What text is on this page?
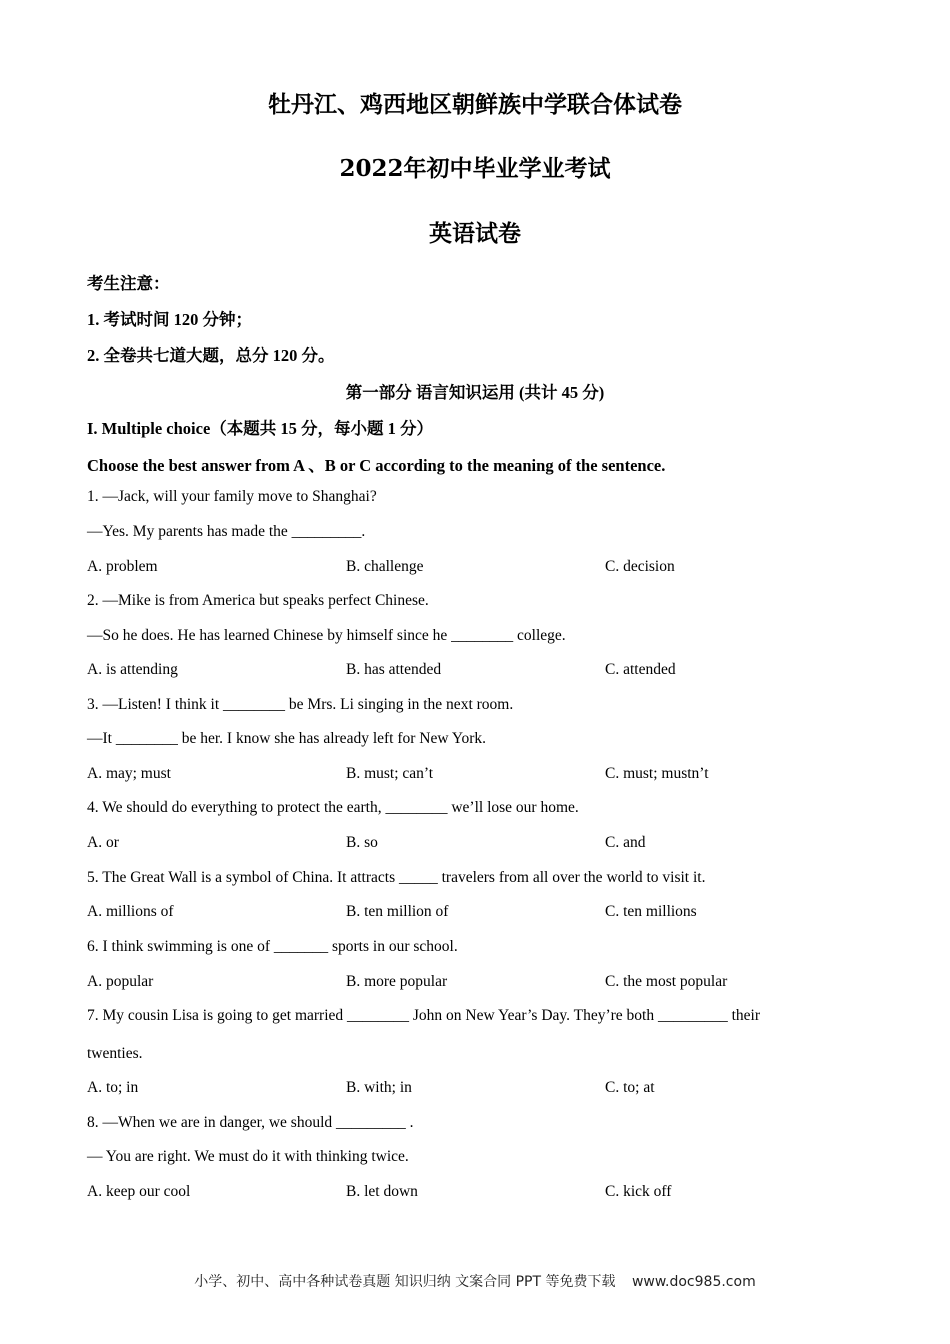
牡丹江、鸡西地区朝鲜族中学联合体试卷
2022年初中毕业学业考试
英语试卷
考生注意：
1. 考试时间 120 分钟；
2. 全卷共七道大题，总分 120 分。
第一部分 语言知识运用 (共计 45 分)
I. Multiple choice（本题共 15 分，每小题 1 分）
Choose the best answer from A 、B or C according to the meaning of the sentence.
1. —Jack, will your family move to Shanghai?
—Yes. My parents has made the _________.
A. problem	B. challenge	C. decision
2. —Mike is from America but speaks perfect Chinese.
—So he does. He has learned Chinese by himself since he ________ college.
A. is attending	B. has attended	C. attended
3. —Listen! I think it ________ be Mrs. Li singing in the next room.
—It ________ be her. I know she has already left for New York.
A. may; must	B. must; can’t	C. must; mustn’t
4. We should do everything to protect the earth, ________ we’ll lose our home.
A. or	B. so	C. and
5. The Great Wall is a symbol of China. It attracts _____ travelers from all over the world to visit it.
A. millions of	B. ten million of	C. ten millions
6. I think swimming is one of _______ sports in our school.
A. popular	B. more popular	C. the most popular
7. My cousin Lisa is going to get married ________ John on New Year’s Day. They’re both _________ their
twenties.
A. to; in	B. with; in	C. to; at
8. —When we are in danger, we should _________ .
— You are right. We must do it with thinking twice.
A. keep our cool	B. let down	C. kick off
小学、初中、高中各种试卷真题 知识归纳 文案合同 PPT 等免费下载 www.doc985.com
